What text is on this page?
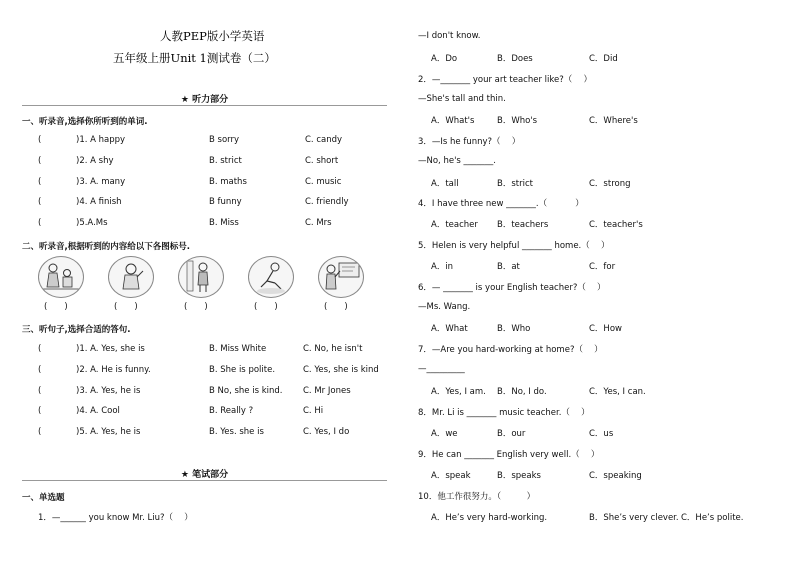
人教PEP版小学英语
五年级上册Unit 1测试卷（二）
★ 听力部分
一、听录音,选择你所听到的单词.
(	)1. A happy	B sorry	C. candy
(	)2. A shy	B. strict	C. short
(	)3. A. many	B. maths	C. music
(	)4. A finish	B funny	C. friendly
(	)5.A.Ms	B. Miss	C. Mrs
二、听录音,根据听到的内容给以下各图标号.
(　　)	(　　)	(　　)	(　　)	(　　)
三、听句子,选择合适的答句.
(	)1. A. Yes, she is	B. Miss White	C. No, he isn't
(	)2. A. He is funny.	B. She is polite.	C. Yes, she is kind
(	)3. A. Yes, he is	B No, she is kind. C. Mr Jones
(	)4. A. Cool	B. Really ?	C. Hi
(	)5. A. Yes, he is	B. Yes. she is	C. Yes, I do
★ 笔试部分
一、单选题
1．—______ you know Mr. Liu?（　 ）
—I don't know.
A．Do	B．Does	C．Did
2．—_______ your art teacher like?（　 ）
—She's tall and thin.
A．What's	B．Who's	C．Where's
3．—Is he funny?（　 ）
—No, he's _______.
A．tall	B．strict	C．strong
4．I have three new _______.（　　　 ）
A．teacher B．teachers	C．teacher's
5．Helen is very helpful _______ home.（　 ）
A．in	B．at	C．for
6．— _______ is your English teacher?（　 ）
—Ms. Wang.
A．What	B．Who	C．How
7．—Are you hard-working at home?（　 ）
—_________
A．Yes, I am. B．No, I do.	C．Yes, I can.
8．Mr. Li is _______ music teacher.（　 ）
A．we	B．our	C．us
9．He can _______ English very well.（　 ）
A．speak	B．speaks	C．speaking
10．他工作很努力。（　　　）
A．He’s very hard-working.	B．She’s very clever. C．He’s polite.
